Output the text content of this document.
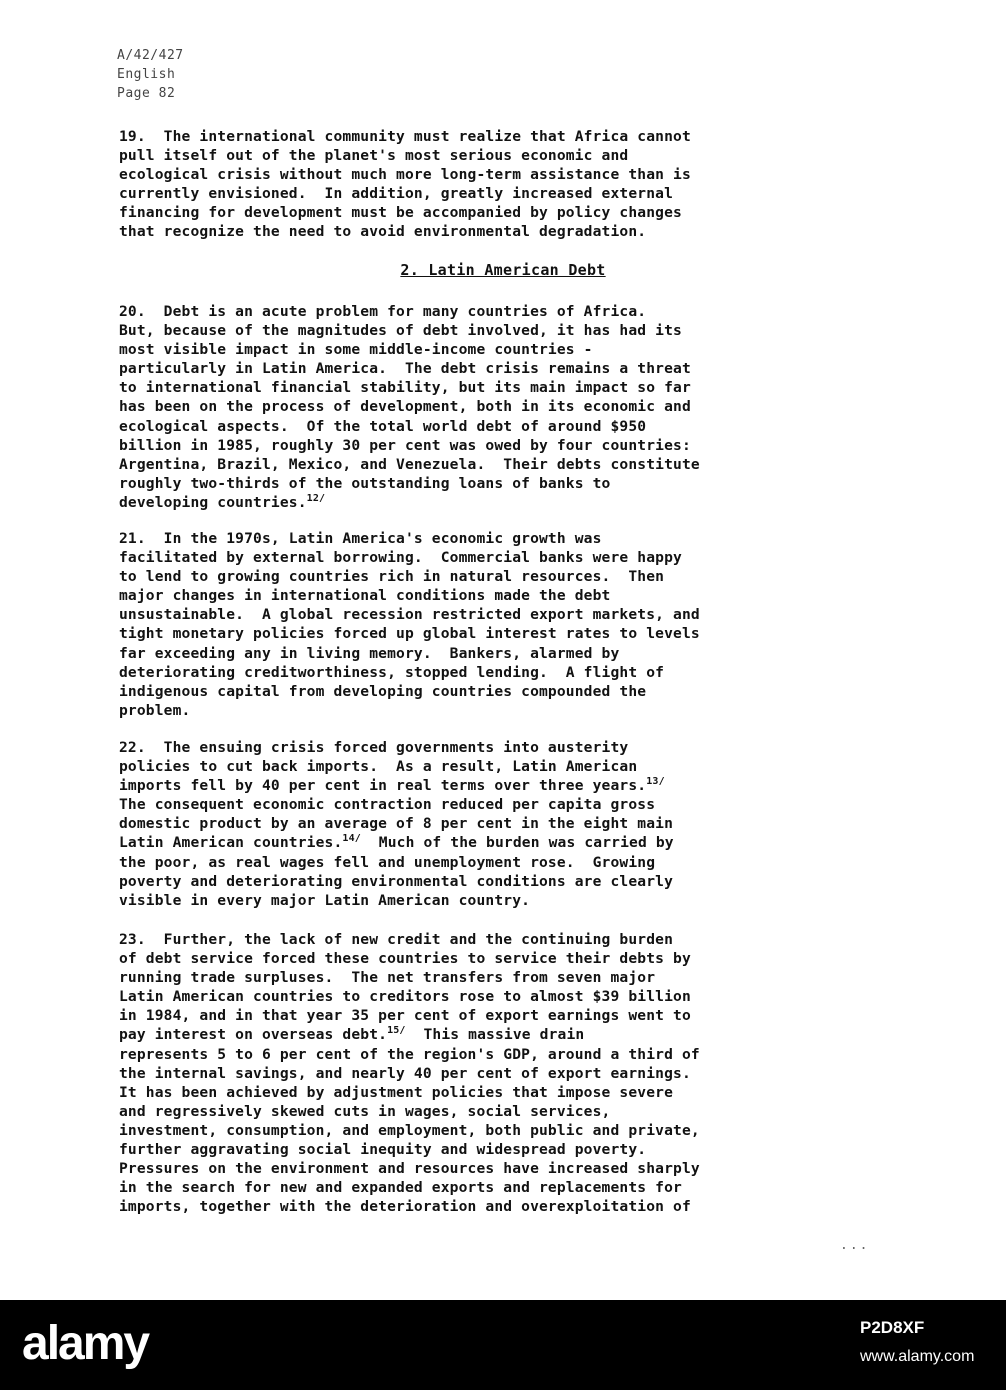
A/42/427
English
Page 82

19.  The international community must realize that Africa cannot
pull itself out of the planet's most serious economic and
ecological crisis without much more long-term assistance than is
currently envisioned.  In addition, greatly increased external
financing for development must be accompanied by policy changes
that recognize the need to avoid environmental degradation.

2. Latin American Debt

20.  Debt is an acute problem for many countries of Africa.
But, because of the magnitudes of debt involved, it has had its
most visible impact in some middle-income countries -
particularly in Latin America.  The debt crisis remains a threat
to international financial stability, but its main impact so far
has been on the process of development, both in its economic and
ecological aspects.  Of the total world debt of around $950
billion in 1985, roughly 30 per cent was owed by four countries:
Argentina, Brazil, Mexico, and Venezuela.  Their debts constitute
roughly two-thirds of the outstanding loans of banks to
developing countries.$^{12/}$

21.  In the 1970s, Latin America's economic growth was
facilitated by external borrowing.  Commercial banks were happy
to lend to growing countries rich in natural resources.  Then
major changes in international conditions made the debt
unsustainable.  A global recession restricted export markets, and
tight monetary policies forced up global interest rates to levels
far exceeding any in living memory.  Bankers, alarmed by
deteriorating creditworthiness, stopped lending.  A flight of
indigenous capital from developing countries compounded the
problem.

22.  The ensuing crisis forced governments into austerity
policies to cut back imports.  As a result, Latin American
imports fell by 40 per cent in real terms over three years.$^{13/}$
The consequent economic contraction reduced per capita gross
domestic product by an average of 8 per cent in the eight main
Latin American countries.$^{14/}$  Much of the burden was carried by
the poor, as real wages fell and unemployment rose.  Growing
poverty and deteriorating environmental conditions are clearly
visible in every major Latin American country.

23.  Further, the lack of new credit and the continuing burden
of debt service forced these countries to service their debts by
running trade surpluses.  The net transfers from seven major
Latin American countries to creditors rose to almost $39 billion
in 1984, and in that year 35 per cent of export earnings went to
pay interest on overseas debt.$^{15/}$  This massive drain
represents 5 to 6 per cent of the region's GDP, around a third of
the internal savings, and nearly 40 per cent of export earnings.
It has been achieved by adjustment policies that impose severe
and regressively skewed cuts in wages, social services,
investment, consumption, and employment, both public and private,
further aggravating social inequity and widespread poverty.
Pressures on the environment and resources have increased sharply
in the search for new and expanded exports and replacements for
imports, together with the deterioration and overexploitation of

...
alamy	P2D8XF
www.alamy.com
